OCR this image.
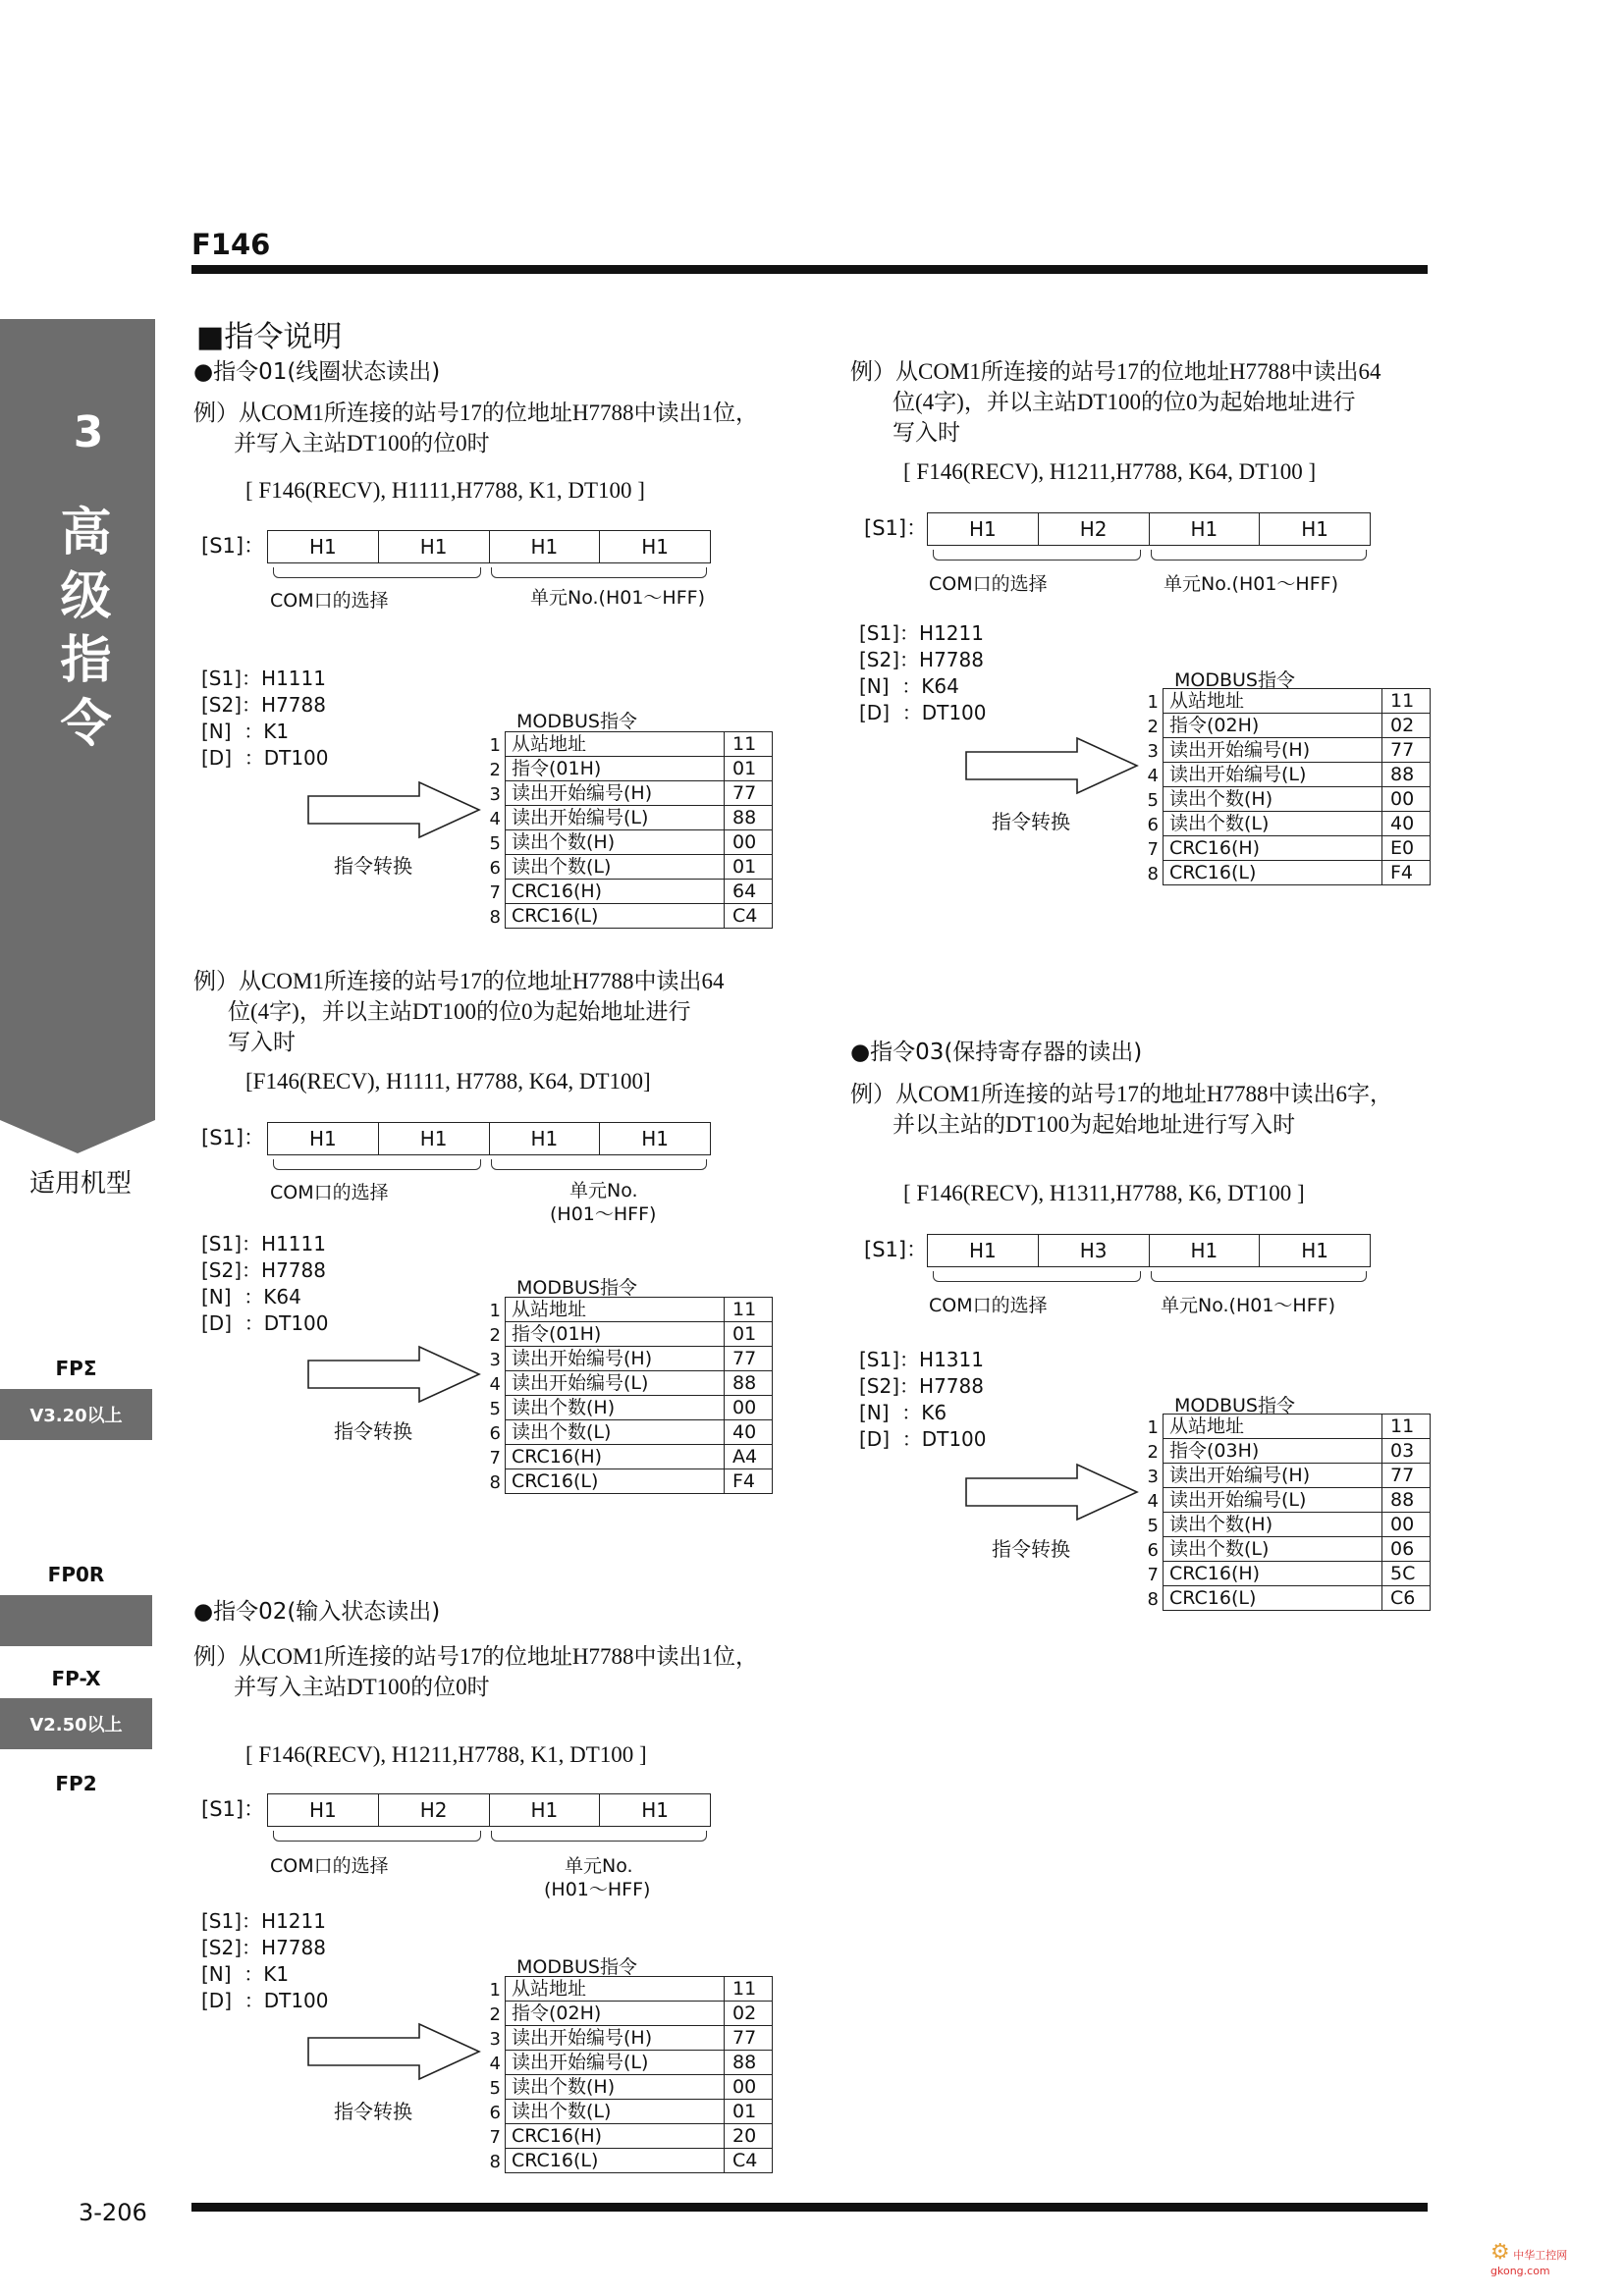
F146
3-206
3
高
级
指
令
适用机型
FPΣ
V3.20以上
FP0R
FP-X
V2.50以上
FP2
■指令说明
●指令01(线圈状态读出)
例）从COM1所连接的站号17的位地址H7788中读出1位，
并写入主站DT100的位0时
[ F146(RECV), H1111,H7788, K1, DT100 ]
[S1]：	H1	H1	H1	H1
COM口的选择	单元No.(H01～HFF)
[S1]：H1111
[S2]：H7788
[N]  ：K1
[D]  ：DT100
指令转换
MODBUS指令
1	从站地址	11
2	指令(01H)	01
3	读出开始编号(H)	77
4	读出开始编号(L)	88
5	读出个数(H)	00
6	读出个数(L)	01
7	CRC16(H)	64
8	CRC16(L)	C4
例）从COM1所连接的站号17的位地址H7788中读出64
位(4字)，并以主站DT100的位0为起始地址进行
写入时
[F146(RECV), H1111, H7788, K64, DT100]
[S1]：	H1	H1	H1	H1
COM口的选择	单元No.
(H01～HFF)
[S1]：H1111
[S2]：H7788
[N]  ：K64
[D]  ：DT100
指令转换
MODBUS指令
1	从站地址	11
2	指令(01H)	01
3	读出开始编号(H)	77
4	读出开始编号(L)	88
5	读出个数(H)	00
6	读出个数(L)	40
7	CRC16(H)	A4
8	CRC16(L)	F4
●指令02(输入状态读出)
例）从COM1所连接的站号17的位地址H7788中读出1位，
并写入主站DT100的位0时
[ F146(RECV), H1211,H7788, K1, DT100 ]
[S1]：	H1	H2	H1	H1
COM口的选择	单元No.
(H01～HFF)
[S1]：H1211
[S2]：H7788
[N]  ：K1
[D]  ：DT100
指令转换
MODBUS指令
1	从站地址	11
2	指令(02H)	02
3	读出开始编号(H)	77
4	读出开始编号(L)	88
5	读出个数(H)	00
6	读出个数(L)	01
7	CRC16(H)	20
8	CRC16(L)	C4
例）从COM1所连接的站号17的位地址H7788中读出64
位(4字)，并以主站DT100的位0为起始地址进行
写入时
[ F146(RECV), H1211,H7788, K64, DT100 ]
[S1]：	H1	H2	H1	H1
COM口的选择	单元No.(H01～HFF)
[S1]：H1211
[S2]：H7788
[N]  ：K64
[D]  ：DT100
指令转换
MODBUS指令
1	从站地址	11
2	指令(02H)	02
3	读出开始编号(H)	77
4	读出开始编号(L)	88
5	读出个数(H)	00
6	读出个数(L)	40
7	CRC16(H)	E0
8	CRC16(L)	F4
●指令03(保持寄存器的读出)
例）从COM1所连接的站号17的地址H7788中读出6字，
并以主站的DT100为起始地址进行写入时
[ F146(RECV), H1311,H7788, K6, DT100 ]
[S1]：	H1	H3	H1	H1
COM口的选择	单元No.(H01～HFF)
[S1]：H1311
[S2]：H7788
[N]  ：K6
[D]  ：DT100
指令转换
MODBUS指令
1	从站地址	11
2	指令(03H)	03
3	读出开始编号(H)	77
4	读出开始编号(L)	88
5	读出个数(H)	00
6	读出个数(L)	06
7	CRC16(H)	5C
8	CRC16(L)	C6
⚙ 中华工控网 gkong.com
